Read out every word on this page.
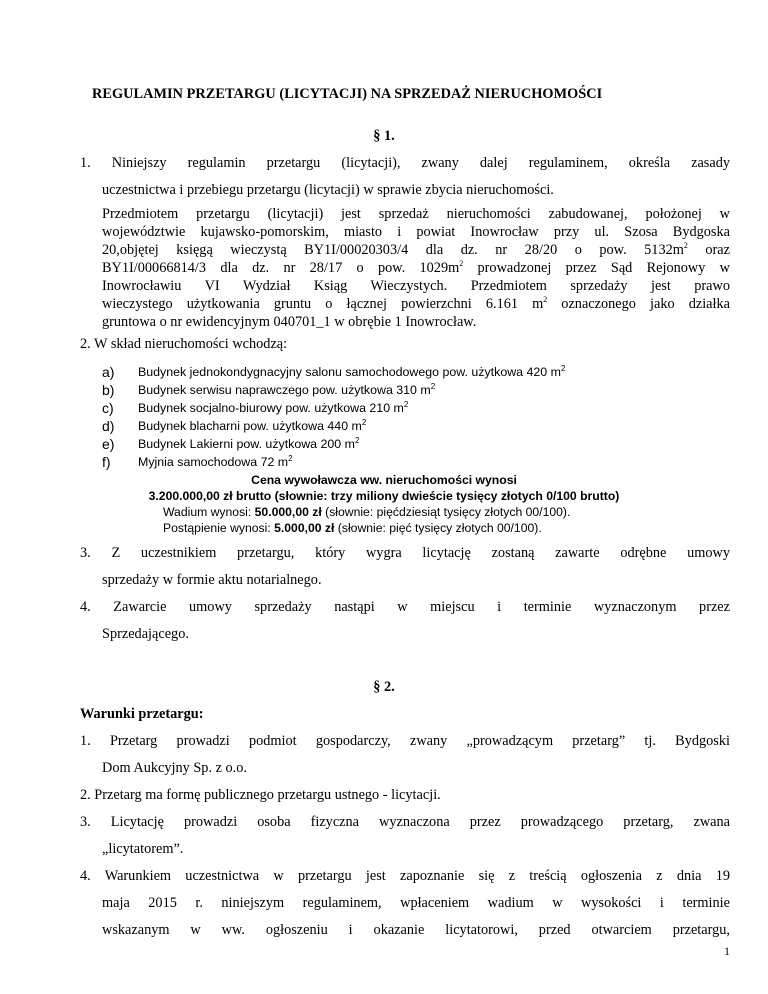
REGULAMIN PRZETARGU (LICYTACJI) NA SPRZEDAŻ NIERUCHOMOŚCI
§ 1.
1. Niniejszy regulamin przetargu (licytacji), zwany dalej regulaminem, określa zasady
uczestnictwa i przebiegu przetargu (licytacji) w sprawie zbycia nieruchomości.
Przedmiotem przetargu (licytacji) jest sprzedaż nieruchomości zabudowanej, położonej w
województwie kujawsko-pomorskim, miasto i powiat Inowrocław przy ul. Szosa Bydgoska
20,objętej księgą wieczystą BY1I/00020303/4 dla dz. nr 28/20 o pow. $5132m^2$ oraz
BY1I/00066814/3 dla dz. nr 28/17 o pow. $1029m^2$ prowadzonej przez Sąd Rejonowy w
Inowrocławiu VI Wydział Ksiąg Wieczystych. Przedmiotem sprzedaży jest prawo
wieczystego użytkowania gruntu o łącznej powierzchni 6.161 $m^2$ oznaczonego jako działka
gruntowa o nr ewidencyjnym 040701_1 w obrębie 1 Inowrocław.
2. W skład nieruchomości wchodzą:
a) Budynek jednokondygnacyjny salonu samochodowego pow. użytkowa 420 $m^2$
b) Budynek serwisu naprawczego pow. użytkowa 310 $m^2$
c) Budynek socjalno-biurowy pow. użytkowa 210 $m^2$
d) Budynek blacharni pow. użytkowa 440 $m^2$
e) Budynek Lakierni pow. użytkowa 200 $m^2$
f) Myjnia samochodowa 72 $m^2$
Cena wywoławcza ww. nieruchomości wynosi
3.200.000,00 zł brutto (słownie: trzy miliony dwieście tysięcy złotych 0/100 brutto)
Wadium wynosi: 50.000,00 zł (słownie: pięćdziesiąt tysięcy złotych 00/100).
Postąpienie wynosi: 5.000,00 zł (słownie: pięć tysięcy złotych 00/100).
3. Z uczestnikiem przetargu, który wygra licytację zostaną zawarte odrębne umowy
sprzedaży w formie aktu notarialnego.
4. Zawarcie umowy sprzedaży nastąpi w miejscu i terminie wyznaczonym przez
Sprzedającego.
§ 2.
Warunki przetargu:
1. Przetarg prowadzi podmiot gospodarczy, zwany „prowadzącym przetarg” tj. Bydgoski
Dom Aukcyjny Sp. z o.o.
2. Przetarg ma formę publicznego przetargu ustnego - licytacji.
3. Licytację prowadzi osoba fizyczna wyznaczona przez prowadzącego przetarg, zwana
„licytatorem”.
1
4. Warunkiem uczestnictwa w przetargu jest zapoznanie się z treścią ogłoszenia z dnia 19
maja 2015 r. niniejszym regulaminem, wpłaceniem wadium w wysokości i terminie
wskazanym w ww. ogłoszeniu i okazanie licytatorowi, przed otwarciem przetargu,
